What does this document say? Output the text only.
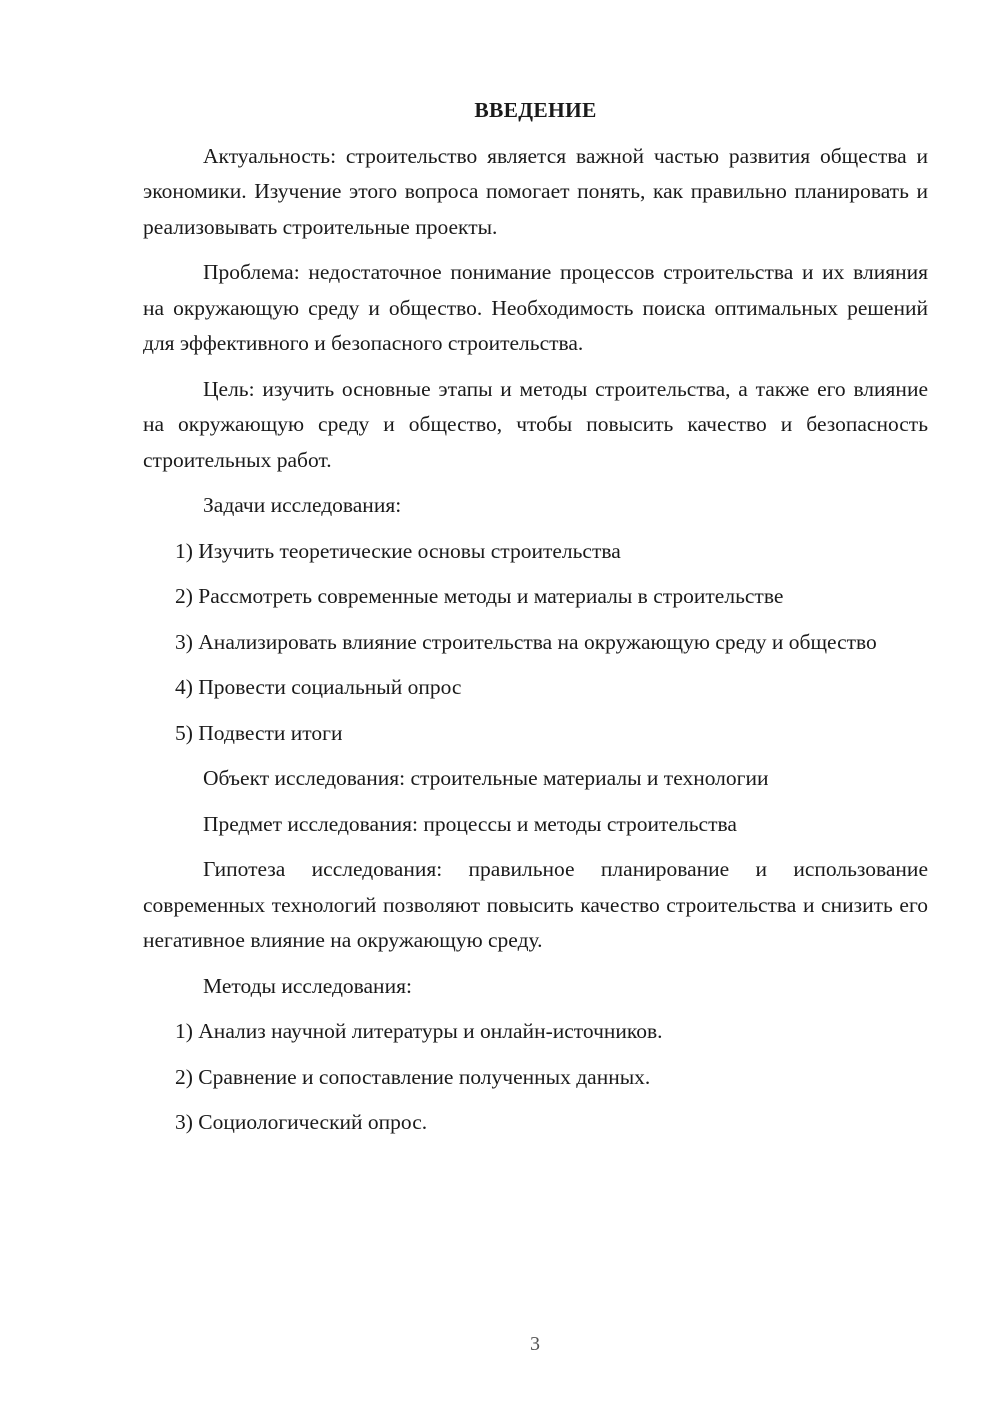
ВВЕДЕНИЕ
Актуальность: строительство является важной частью развития общества и экономики. Изучение этого вопроса помогает понять, как правильно планировать и реализовывать строительные проекты.
Проблема: недостаточное понимание процессов строительства и их влияния на окружающую среду и общество. Необходимость поиска оптимальных решений для эффективного и безопасного строительства.
Цель: изучить основные этапы и методы строительства, а также его влияние на окружающую среду и общество, чтобы повысить качество и безопасность строительных работ.
Задачи исследования:
1) Изучить теоретические основы строительства
2) Рассмотреть современные методы и материалы в строительстве
3) Анализировать влияние строительства на окружающую среду и общество
4) Провести социальный опрос
5) Подвести итоги
Объект исследования: строительные материалы и технологии
Предмет исследования: процессы и методы строительства
Гипотеза исследования: правильное планирование и использование современных технологий позволяют повысить качество строительства и снизить его негативное влияние на окружающую среду.
Методы исследования:
1) Анализ научной литературы и онлайн-источников.
2) Сравнение и сопоставление полученных данных.
3) Социологический опрос.
3
